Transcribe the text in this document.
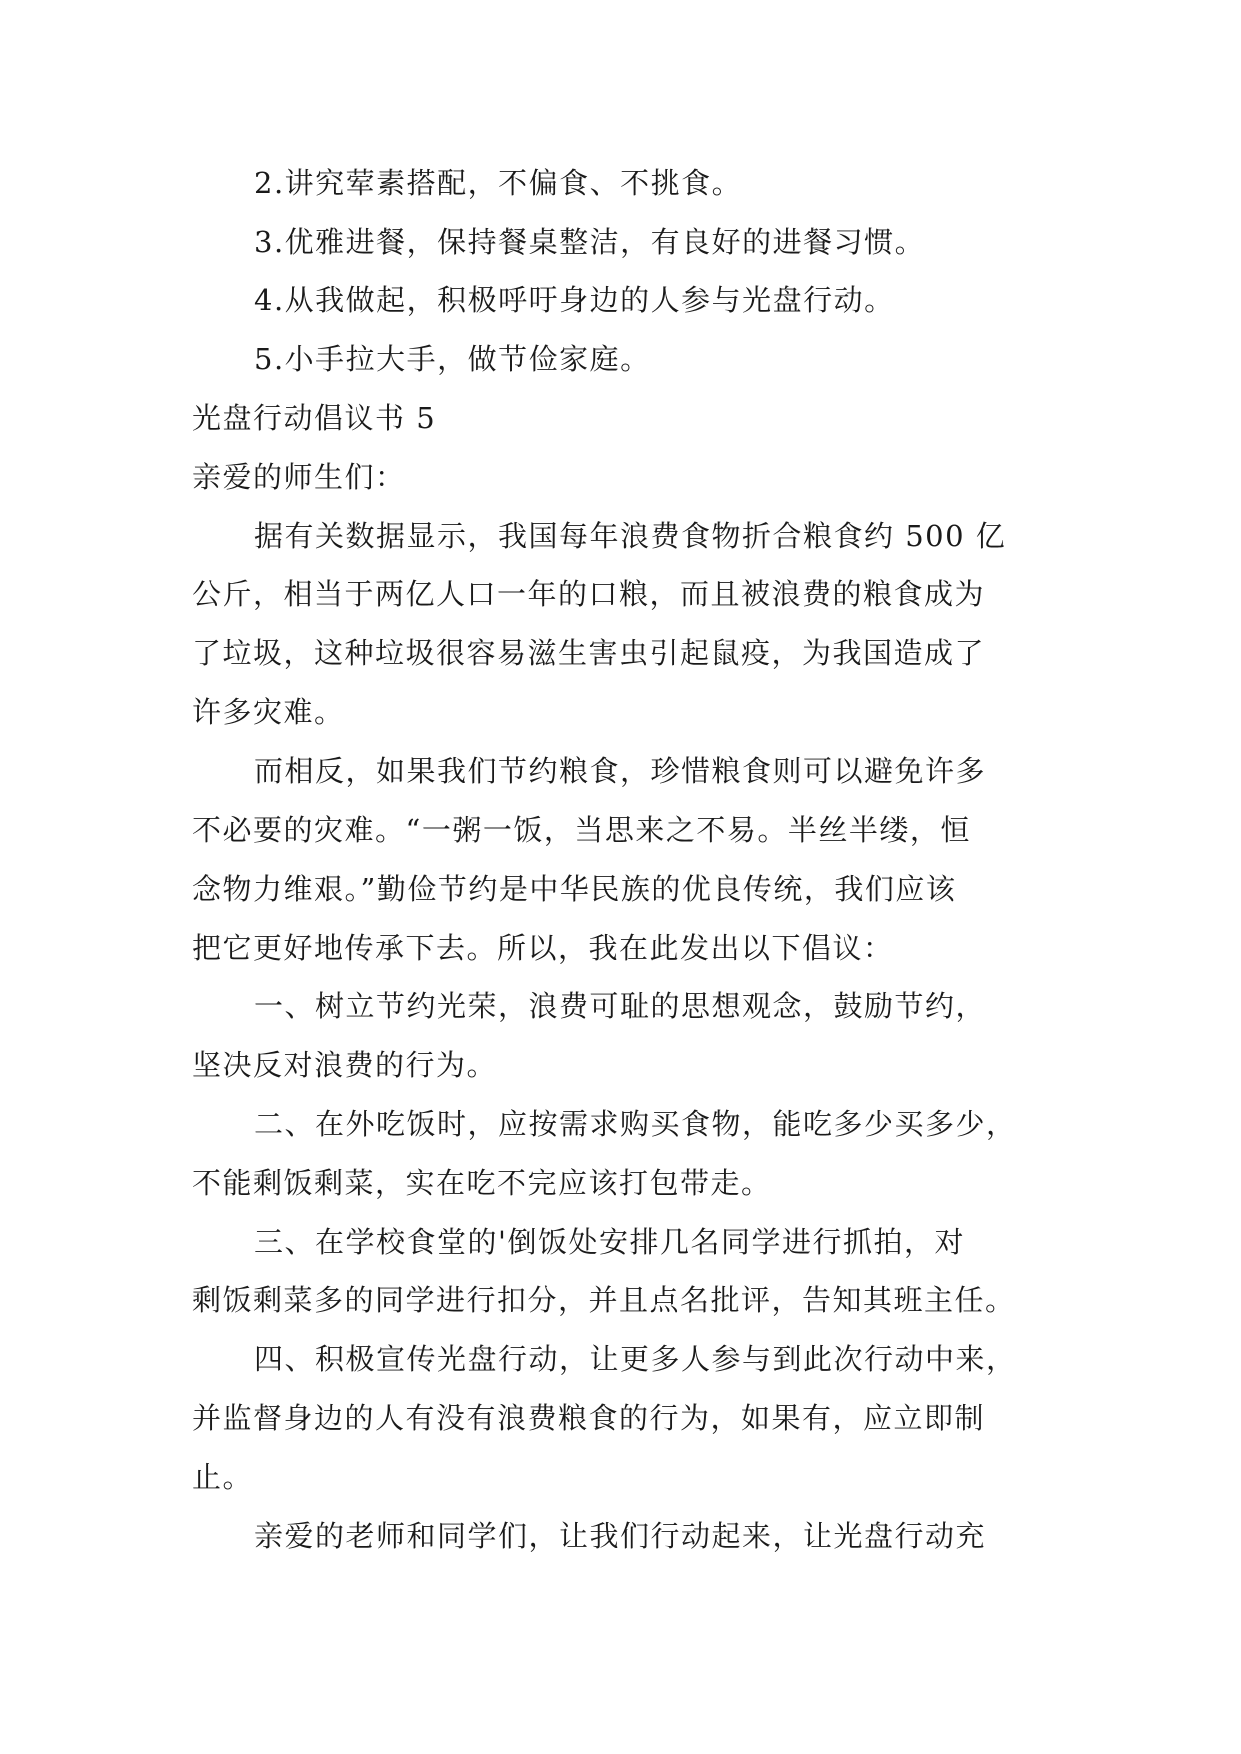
2.讲究荤素搭配，不偏食、不挑食。
3.优雅进餐，保持餐桌整洁，有良好的进餐习惯。
4.从我做起，积极呼吁身边的人参与光盘行动。
5.小手拉大手，做节俭家庭。
光盘行动倡议书 5
亲爱的师生们：
据有关数据显示，我国每年浪费食物折合粮食约 500 亿
公斤，相当于两亿人口一年的口粮，而且被浪费的粮食成为
了垃圾，这种垃圾很容易滋生害虫引起鼠疫，为我国造成了
许多灾难。
而相反，如果我们节约粮食，珍惜粮食则可以避免许多
不必要的灾难。“一粥一饭，当思来之不易。半丝半缕，恒
念物力维艰。”勤俭节约是中华民族的优良传统，我们应该
把它更好地传承下去。所以，我在此发出以下倡议：
一、树立节约光荣，浪费可耻的思想观念，鼓励节约，
坚决反对浪费的行为。
二、在外吃饭时，应按需求购买食物，能吃多少买多少，
不能剩饭剩菜，实在吃不完应该打包带走。
三、在学校食堂的'倒饭处安排几名同学进行抓拍，对
剩饭剩菜多的同学进行扣分，并且点名批评，告知其班主任。
四、积极宣传光盘行动，让更多人参与到此次行动中来，
并监督身边的人有没有浪费粮食的行为，如果有，应立即制
止。
亲爱的老师和同学们，让我们行动起来，让光盘行动充
